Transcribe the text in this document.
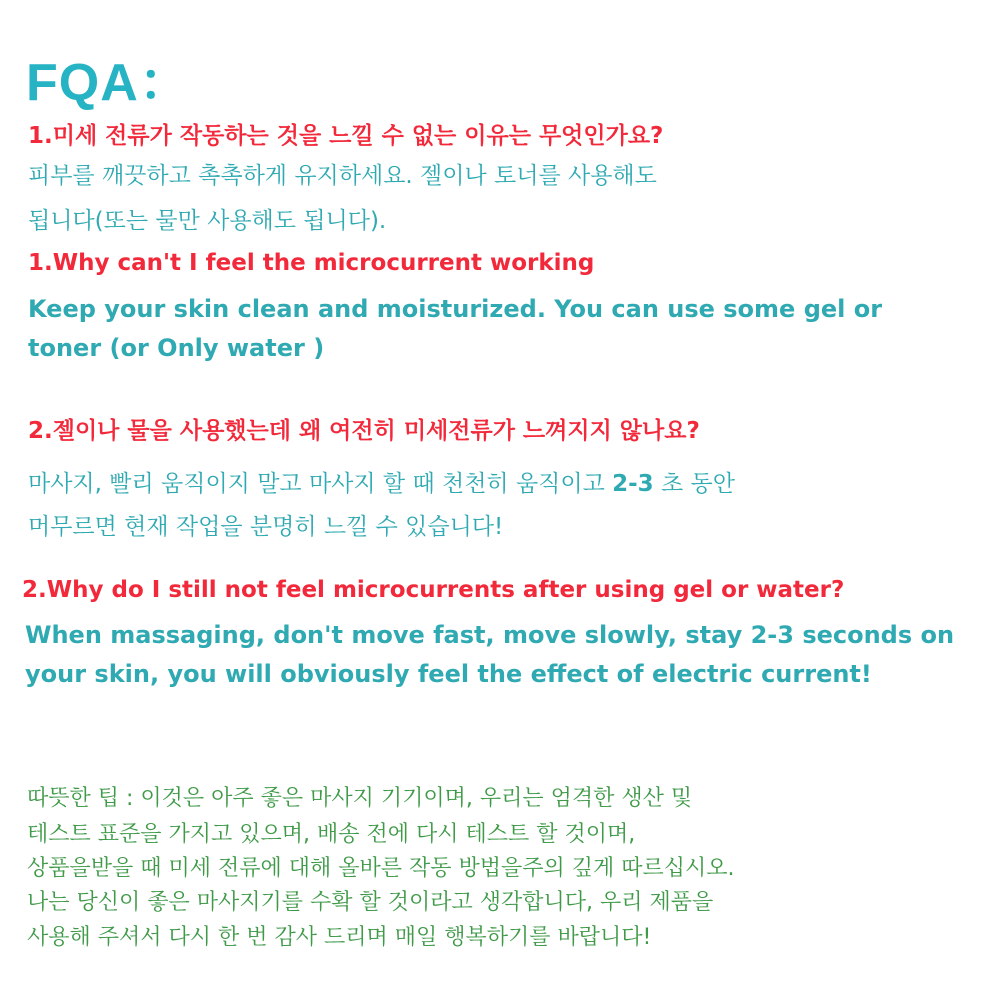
FQA：
1.미세 전류가 작동하는 것을 느낄 수 없는 이유는 무엇인가요?
피부를 깨끗하고 촉촉하게 유지하세요. 젤이나 토너를 사용해도
됩니다(또는 물만 사용해도 됩니다).
1.Why can't I feel the microcurrent working
Keep your skin clean and moisturized. You can use some gel or
toner (or Only water )
2.젤이나 물을 사용했는데 왜 여전히 미세전류가 느껴지지 않나요?
마사지, 빨리 움직이지 말고 마사지 할 때 천천히 움직이고 2-3 초 동안
머무르면 현재 작업을 분명히 느낄 수 있습니다!
2.Why do I still not feel microcurrents after using gel or water?
When massaging, don't move fast, move slowly, stay 2-3 seconds on
your skin, you will obviously feel the effect of electric current!
따뜻한 팁 : 이것은 아주 좋은 마사지 기기이며, 우리는 엄격한 생산 및
테스트 표준을 가지고 있으며, 배송 전에 다시 테스트 할 것이며,
상품을받을 때 미세 전류에 대해 올바른 작동 방법을주의 깊게 따르십시오.
나는 당신이 좋은 마사지기를 수확 할 것이라고 생각합니다, 우리 제품을
사용해 주셔서 다시 한 번 감사 드리며 매일 행복하기를 바랍니다!
